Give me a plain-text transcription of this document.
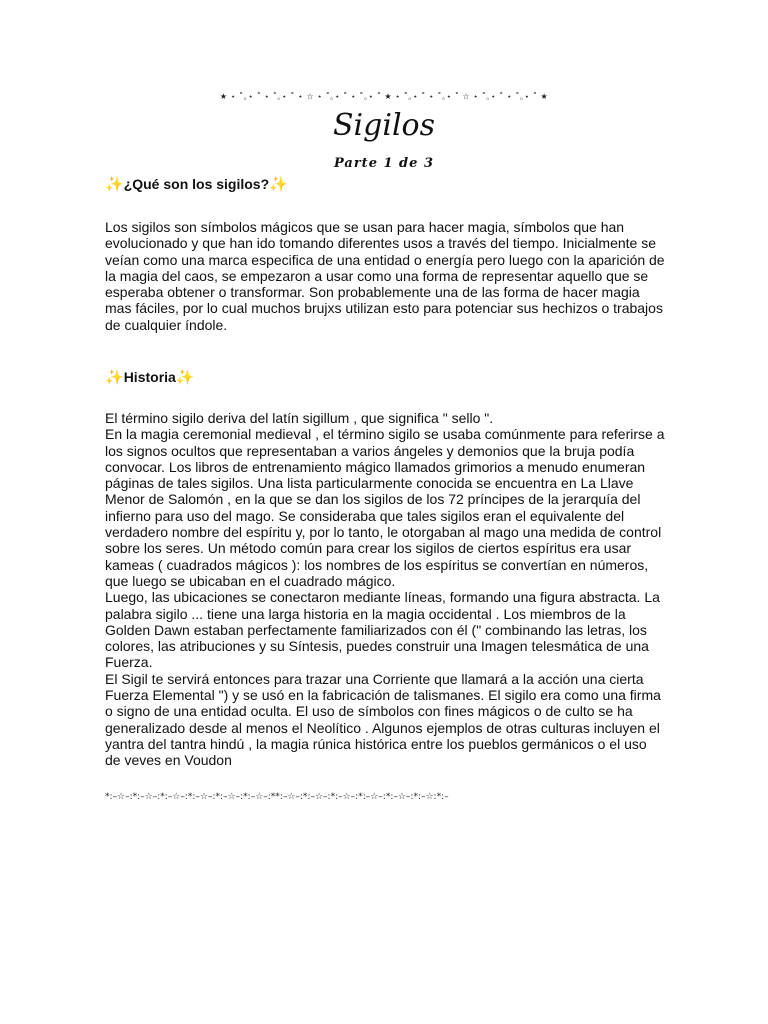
★ ⋆ ˚｡⋆ ˚ ⋆ ˚｡⋆ ˚ ⋆ ☆ ⋆ ˚｡⋆ ˚ ⋆ ˚｡⋆ ˚ ★ ⋆ ˚｡⋆ ˚ ⋆ ˚｡⋆ ˚ ☆ ⋆ ˚｡⋆ ˚ ⋆ ˚｡⋆ ˚ ★
Sigilos
Parte 1 de 3
✨¿Qué son los sigilos?✨

Los sigilos son símbolos mágicos que se usan para hacer magia, símbolos que han evolucionado y que han ido tomando diferentes usos a través del tiempo. Inicialmente se veían como una marca especifica de una entidad o energía pero luego con la aparición de la magia del caos, se empezaron a usar como una forma de representar aquello que se esperaba obtener o transformar. Son probablemente una de las forma de hacer magia mas fáciles, por lo cual muchos brujxs utilizan esto para potenciar sus hechizos o trabajos de cualquier índole.

✨Historia✨
El término sigilo deriva del latín sigillum , que significa " sello ".
En la magia ceremonial medieval , el término sigilo se usaba comúnmente para referirse a los signos ocultos que representaban a varios ángeles y demonios que la bruja podía convocar. Los libros de entrenamiento mágico llamados grimorios a menudo enumeran páginas de tales sigilos. Una lista particularmente conocida se encuentra en La Llave Menor de Salomón , en la que se dan los sigilos de los 72 príncipes de la jerarquía del infierno para uso del mago. Se consideraba que tales sigilos eran el equivalente del verdadero nombre del espíritu y, por lo tanto, le otorgaban al mago una medida de control sobre los seres. Un método común para crear los sigilos de ciertos espíritus era usar kameas ( cuadrados mágicos ): los nombres de los espíritus se convertían en números, que luego se ubicaban en el cuadrado mágico.
Luego, las ubicaciones se conectaron mediante líneas, formando una figura abstracta. La palabra sigilo ... tiene una larga historia en la magia occidental . Los miembros de la Golden Dawn estaban perfectamente familiarizados con él (" combinando las letras, los colores, las atribuciones y su Síntesis, puedes construir una Imagen telesmática de una Fuerza.
El Sigil te servirá entonces para trazar una Corriente que llamará a la acción una cierta Fuerza Elemental ") y se usó en la fabricación de talismanes. El sigilo era como una firma o signo de una entidad oculta. El uso de símbolos con fines mágicos o de culto se ha generalizado desde al menos el Neolítico . Algunos ejemplos de otras culturas incluyen el yantra del tantra hindú , la magia rúnica histórica entre los pueblos germánicos o el uso de veves en Voudon
*:–☆–:*:–☆–:*:–☆–:*:–☆–:*:–☆–:*:–☆–:**:–☆–:*:–☆–:*:–☆–:*:–☆–:*:–☆–:*:–☆:*:–
